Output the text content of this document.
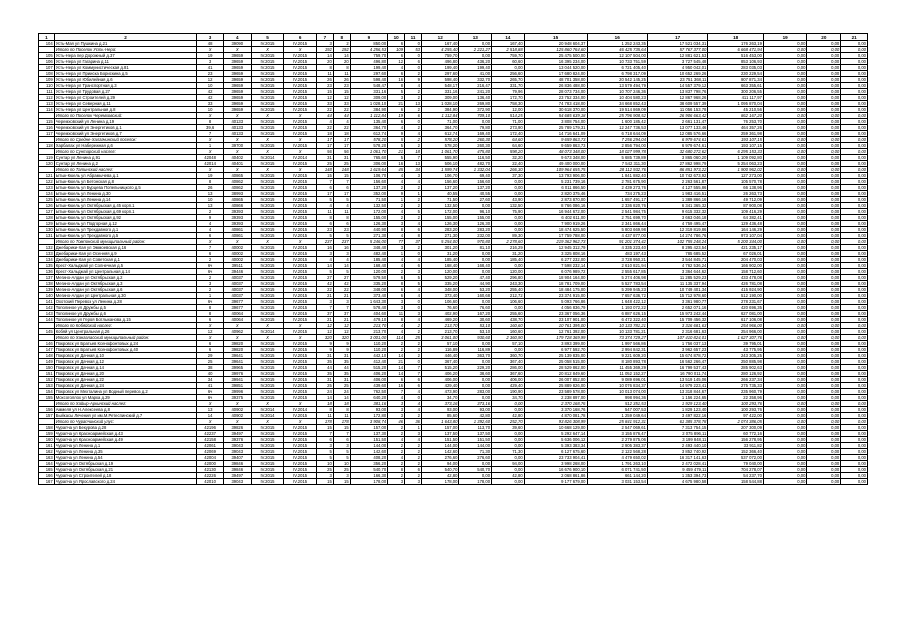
1	2	3	4	5	6	7	8	9	10	11	12	13	14	15	16	17	18	19	20	21
104	Усть-Мая ул Пушкина д.21	48	39090	IV.2015	IV.2015	3	2	850,00	6	0	167,40	0,00	167,40	20 948 604,37	1 252 243,35	17 521 034,31	176 263,19	0,00	0,00	0,00
	Итого по Поселок Усть-Нера:	X	X	X	X	192	192	4 256,53	109	53	4 255,40	2 221,27	2 518,88	125 860 764,60	46 425 735,64	57 767 377,00	6 668 471,94	0,00	0,00	0,00
105	Усть-Нера пер Дорожный д.37	19	39659	IV.2015	IV.2015	14	14	759,70	6	0	759,70	0,00	759,70	25 475 500,00	12 107 504,00	12 881 621,53	516 453,00	0,00	0,00	0,00
106	Усть-Нера ул Гагарина д.11	3	39659	IV.2015	IV.2015	20	20	496,80	12	6	496,80	436,20	60,60	16 395 234,00	10 733 751,59	3 727 545,48	853 106,93	0,00	0,00	0,00
107	Усть-Нера ул Коммунистическая д.81	41	39659	IV.2015	IV.2015	8	8	199,40	4	0	199,40	199,40	0,00	13 044 520,00	6 721 405,40	4 950 042,01	283 035,03	0,00	0,00	0,00
108	Усть-Нера ул Прииска Борискина д.5	23	39659	IV.2015	IV.2015	11	11	297,60	6	2	297,60	41,00	256,60	17 680 824,00	6 798 317,09	10 652 269,26	230 229,54	0,00	0,00	0,00
109	Усть-Нера ул Юбилейная д.6	12	39659	IV.2015	IV.2015	26	26	598,40	16	9	598,40	332,70	265,70	48 701 358,00	20 542 145,25	23 751 368,11	907 871,34	0,00	0,00	0,00
110	Усть-Нера ул Транспортная д.3	10	39659	IV.2015	IV.2015	23	23	548,47	8	4	548,17	216,47	331,70	26 836 488,00	13 579 494,79	14 557 379,12	663 355,61	0,00	0,00	0,00
111	Усть-Нера ул Трудовая д.27	42	39659	IV.2015	IV.2015	15	15	331,16	5	2	331,16	241,20	79,96	28 073 734,00	10 707 246,36	13 837 798,76	300 206,55	0,00	0,00	0,00
112	Усть-Нера ул Строителей д.29	42	39659	IV.2015	IV.2015	12	12	309,00	3	2	309,00	136,40	172,70	23 752 334,00	10 404 580,23	12 867 968,26	411 117,97	0,00	0,00	0,00
113	Усть-Нера ул Северная д.11	33	39659	IV.2015	IV.2015	33	33	1 028,10	21	13	1 028,10	269,80	758,30	74 783 418,00	34 668 852,43	38 609 557,39	1 095 870,04	0,00	0,00	0,00
114	Усть-Нера ул Центральная д.8	10	39659	IV.2015	IV.2015	22	22	384,90	6	2	384,90	372,90	12,00	30 618 370,00	19 514 869,09	11 056 153,78	45 210,56	0,00	0,00	0,00
	Итого по Поселок Черемховский:	X	X	X	X	44	44	1 112,84	19	6	1 112,84	709,10	514,25	54 685 639,18	25 796 908,52	26 906 663,42	862 167,20	0,00	0,00	0,00
115	Черемховский ул Ленина д.19	8	40133	IV.2015	IV.2015	4	4	135,40	6	0	71,00	0,00	71,00	3 808 754,00	1 600 185,42	2 661 131,47	76 253,70	0,00	0,00	0,00
116	Черемховский ул Энергетиков д.1	39,6	40133	IV.2015	IV.2015	22	22	364,70	4	2	364,70	79,80	273,90	25 789 179,31	12 247 736,53	13 077 133,46	464 357,26	0,00	0,00	0,00
117	Черемховский ул Энергетиков д.7	7	40133	IV.2015	IV.2015	18	18	612,74	9	4	612,74	169,40	172,40	14 716 641,09	6 718 644,09	12 085 576,66	259 361,98	0,00	0,00	0,00
	Итого по Средне-Халгачинский поселок:	X	X	X	X	17	17	578,20	5	2	578,20	260,30	64,60	9 659 863,73	7 256 294,04	6 979 674,61	193 107,15	0,00	0,00	0,00
118	Харбалах ул Набережная д.6	1	39700	IV.2015	IV.2015	17	17	578,20	5	2	578,20	260,30	64,60	9 659 863,73	2 856 794,00	6 979 674,61	193 107,15	0,00	0,00	0,00
	Итого по Сунтарский наслег:	X	X	X	X	56	56	1 061,70	21	18	1 061,70	475,80	598,20	48 073 348,00	18 027 999,78	32 680 272,62	6 295 153,33	0,00	0,00	0,00
119	Сунтар ул Ленина д.91	42048	40402	IV.2014	IV.2014	31	31	765,60	5	7	555,90	116,50	32,20	9 673 348,00	5 685 739,89	3 865 060,20	1 109 092,80	0,00	0,00	0,00
120	Сунтар ул Ленина д.2	42014	40401	IV.2015	IV.2015	25	25	306,00	16	13	506,10	482,70	22,40	49 400 000,00	7 542 311,30	27 862 998,79	5 254 063,23	0,00	0,00	0,00
	Итого по Татинский наслег:	X	X	X	X	148	148	1 619,64	45	34	1 599,74	1 332,04	266,30	109 964 655,75	28 112 932,76	86 851 973,22	1 900 962,02	0,00	0,00	0,00
121	Ытык-Кюель ул Абрамычева д.1	19	40865	IV.2015	IV.2015	15	15	106,70	4	3	106,70	69,40	37,30	13 793 906,00	1 841 882,40	10 742 673,92	127 273,00	0,00	0,00	0,00
122	Ытык-Кюель ул Бетонская д.8	8	40862	IV.2015	IV.2015	7	7	156,60	4	4	156,60	156,60	0,00	5 231 739,16	2 781 675,90	2 263 561,87	105 570,78	0,00	0,00	0,00
123	Ытык-Кюель ул Бурцева Попельницкого д.5	26	40862	IV.2015	IV.2015	6	6	137,20	2	2	137,20	137,20	0,00	6 011 866,50	2 439 273,76	4 127 555,86	66 138,96	0,00	0,00	0,00
124	Ытык-Кюель ул Ленина д.30	13	38993	IV.2015	IV.2015	17	17	352,00	9	1	40,55	40,55	0,00	2 820 375,46	734 275,23	1 983 416,51	26 263,73	0,00	0,00	0,00
125	Ытык-Кюель ул Ленина д.14	10	40865	IV.2015	IV.2015	5	5	71,50	1	2	71,50	27,60	43,90	2 873 870,00	1 657 491,17	1 389 866,16	49 712,09	0,00	0,00	0,00
126	Ытык-Кюель ул Октябрьская д.45 корп.1	13	40866	IV.2015	IV.2015	4	4	132,50	2	2	132,50	0,00	132,50	8 766 086,16	2 336 820,76	6 341 365,32	87 900,08	0,00	0,00	0,00
127	Ытык-Кюель ул Октябрьская д.69 корп.1	2	39393	IV.2015	IV.2015	11	11	172,00	4	5	172,00	96,10	75,90	16 944 672,00	2 541 984,75	9 615 332,32	109 416,29	0,00	0,00	0,00
128	Ытык-Кюель ул Октябрьская д.92	9	39393	IV.2015	IV.2015	8	8	155,00	2	2	155,00	155,00	0,00	6 402 611,00	2 751 699,70	3 663 046,18	64 382,41	0,00	0,00	0,00
129	Ытык-Кюель ул Подгорная д.12	4	39393	IV.2015	IV.2015	6	6	126,30	3	4	126,30	126,30	0,00	7 900 919,26	2 341 866,44	4 759 495,47	129 436,48	0,00	0,00	0,00
130	Ытык-Кюель ул Трехдавного д.1	4	40861	IV.2015	IV.2015	23	23	440,90	8	6	283,20	283,20	0,00	18 474 625,50	5 803 669,98	12 319 819,86	164 146,29	0,00	0,00	0,00
131	Ытык-Кюель ул Трехдавного д.5	6	40861	IV.2015	IV.2015	5	5	271,30	4	8	271,30	232,00	89,30	17 759 788,00	4 437 877,00	14 274 786,76	973 107,04	0,00	0,00	0,00
	Итого по Томпонский муниципальный район:	X	X	X	X	237	237	5 246,00	77	37	5 254,00	970,80	2 278,60	219 362 962,73	91 201 374,42	102 755 248,24	5 200 344,00	0,00	0,00	0,00
132	Джебарики-Хая ул Эммоевская д.16	7	40002	IV.2015	IV.2015	16	16	348,40	3	2	301,20	81,10	216,29	12 945 312,79	4 335 223,40	8 295 423,54	421 235,17	0,00	0,00	0,00
133	Джебарики-Хая ул Осенняя д.9	6	40002	IV.2015	IV.2015	3	3	482,40	1	0	31,20	0,00	31,20	3 325 808,16	483 197,43	785 685,52	67 026,01	0,00	0,00	0,00
134	Джебарики-Хая ул Советская д.1	2	40002	IV.2015	IV.2015	4	4	185,40	4	4	185,40	0,00	185,40	6 277 232,00	3 728 950,21	3 544 845,71	204 470,03	0,00	0,00	0,00
135	Крест-Хальджай ул Солнечная д.5	6ч	39511	IV.2015	IV.2015	14	14	168,40	4	6	168,40	168,40	0,00	7 598 232,14	2 610 821,94	4 762 536,24	166 902,00	0,00	0,00	0,00
136	Крест-Хальджай ул Центральная д.14	6ч	39446	IV.2015	IV.2015	5	5	120,00	2	3	120,00	0,00	120,00	6 076 989,72	2 555 617,85	3 364 644,62	158 712,60	0,00	0,00	0,00
137	Мегино-Алдан ул Октябрьская д.2	2	40037	IV.2015	IV.2015	27	27	579,50	6	5	529,20	47,40	296,80	18 904 164,00	5 274 406,98	11 285 529,23	433 478,08	0,00	0,00	0,00
138	Мегино-Алдан ул Октябрьская д.3	3	40037	IV.2015	IV.2015	42	42	335,20	8	5	335,20	44,90	243,30	18 781 709,00	5 527 783,54	11 135 337,94	426 781,08	0,00	0,00	0,00
139	Мегино-Алдан ул Октябрьская д.6	2	40037	IV.2015	IV.2015	22	22	348,00	6	4	348,00	53,20	255,40	18 484 175,00	5 299 945,23	10 749 401,34	415 924,90	0,00	0,00	0,00
140	Мегино-Алдан ул Центральная д.30	1	40037	IV.2015	IV.2015	21	21	373,40	6	4	373,40	160,68	212,72	23 374 915,00	7 657 636,72	15 712 978,60	512 190,00	0,00	0,00	0,00
141	Охотский Перевоз ул Ленина д.28	6ч	39677	IV.2015	IV.2015	3	3	1 643,30	3	0	106,60	0,00	106,60	5 093 766,86	1 648 422,12	3 361 980,77	278 231,67	0,00	0,00	0,00
142	Тополиное ул Дружбы д.5	8	39677	IV.2015	IV.2015	7	7	578,40	3	0	76,60	76,60	0,00	4 056 836,79	1 193 072,22	2 652 071,16	420 696,35	0,00	0,00	0,00
143	Тополиное ул Дружбы д.6	8	40064	IV.2015	IV.2015	37	37	404,60	11	3	402,90	167,20	255,60	23 367 056,36	6 887 626,15	15 973 242,44	627 081,00	0,00	0,00	0,00
144	Тополиное ул Героя Ботлыканова д.15	6	40064	IV.2015	IV.2015	21	21	479,10	8	4	469,20	30,60	438,70	23 107 901,00	6 472 322,40	15 709 456,32	617 106,08	0,00	0,00	0,00
	Итого по Кобяйский наслег:	X	X	X	X	12	12	213,70	4	2	213,70	53,10	160,60	10 761 395,00	10 133 781,21	3 316 681,63	254 966,00	0,00	0,00	0,00
145	Кобяй ул Центральная д.26	12	40962	IV.2014	IV.2015	12	12	213,70	4	2	213,70	53,10	160,60	12 761 392,00	10 133 781,21	2 316 681,63	254 966,00	0,00	0,00	0,00
	Итого по Хангаласский муниципальный район:	X	X	X	X	320	320	3 001,00	114	25	3 061,00	930,60	2 360,90	179 728 369,99	73 374 729,27	107 410 824,01	1 627 307,76	0,00	0,00	0,00
146	Покровск ул Братьев Ксенофонтовых д.24	6	39820	IV.2015	IV.2015	9	9	110,20	2	2	57,10	0,00	57,10	3 893 399,00	1 997 566,86	1 756 037,13	39 795,01	0,00	0,00	0,00
147	Покровск ул Братьев Ксенофонтовых д.40	6	39820	IV.2015	IV.2015	9	9	110,20	2	2	116,89	116,89	0,00	6 977 592,70	2 994 842,31	3 962 657,23	43 775,95	0,00	0,00	0,00
148	Покровск ул Дачная д.10	29	39641	IV.2015	IV.2015	31	31	442,10	14	2	446,40	363,70	360,70	25 139 835,00	9 221 609,20	15 674 878,72	243 305,25	0,00	0,00	0,00
149	Покровск ул Дачная д.12	25	39641	IV.2015	IV.2015	35	35	412,40	21	0	367,40	0,00	367,40	25 058 515,00	8 180 893,78	16 562 266,47	250 885,98	0,00	0,00	0,00
150	Покровск ул Дачная д.14	38	39965	IV.2015	IV.2015	44	44	515,20	14	7	515,20	229,20	286,00	28 529 862,00	11 455 369,29	16 799 537,43	285 902,63	0,00	0,00	0,00
151	Покровск ул Дачная д.20	40	39976	IV.2015	IV.2015	35	35	406,20	14	7	406,20	38,60	367,60	20 812 849,60	11 052 152,27	16 790 011,74	280 126,92	0,00	0,00	0,00
152	Покровск ул Дачная д.22	34	39941	IV.2015	IV.2015	31	31	406,00	6	6	406,00	0,00	406,00	26 007 852,00	9 089 696,01	13 519 145,06	266 237,34	0,00	0,00	0,00
153	Покровск ул Дачная д.24	41	39851	IV.2015	IV.2015	25	25	439,60	16	6	429,40	0,00	429,40	25 889 826,00	10 076 834,37	14 979 223,41	275 735,33	0,00	0,00	0,00
154	Покровск ул Мехталина ул Водный перевоз д.2	6ч	39996	IV.2015	IV.2015	24	24	762,50	7	4	473,90	283,00	190,90	23 589 578,00	10 013 074,00	13 318 844,67	235 960,79	0,00	0,00	0,00
155	Мохсоголлох ул Марха д.29	6ч	39375	IV.2015	IV.2015	14	14	640,20	4	0	34,70	0,00	34,70	2 238 897,00	998 994,36	1 156 224,65	22 358,96	0,00	0,00	0,00
	Итого по Хайыр-Аркинский наслег:	X	X	X	X	18	18	381,16	3	4	373,16	373,16	0,00	2 370 168,76	512 351,53	1 929 123,40	100 293,76	0,00	0,00	0,00
156	Аммеля ул Н.Алексеева д.8	13	40902	IV.2014	IV.2014	8	8	93,00	3	4	93,00	93,00	0,00	3 370 168,76	547 007,53	1 829 123,40	100 293,76	0,00	0,00	0,00
157	Быйкасы Лечения ул им.М.Ретеспинский д.7	14	40902	IV.2014	IV.2015	11	11	172,80	3	2	85,60	42,80	42,80	4 870 081,78	1 259 049,64	3 497 822,16	97 422,00	0,00	0,00	0,00
	Итого по Чурапчинский улус:	X	X	X	X	178	178	3 908,74	46	36	1 643,80	1 392,60	252,70	93 826 308,99	25 841 912,31	61 385 378,78	2 074 386,05	0,00	0,00	0,00
158	Чурапча ул Бекурова д.28	42196	39826	IV.2015	IV.2015	15	15	157,00	2	1	157,00	113,70	39,60	10 668 129,00	2 547 069,61	7 313 754,15	207 300,09	0,00	0,00	0,00
159	Чурапча ул Красноармейская д.43	42237	39497	IV.2015	IV.2015	7	7	137,30	2	3	137,50	137,50	0,00	5 292 647,14	3 155 876,47	2 075 896,11	60 772,16	0,00	0,00	0,00
160	Чурапча ул Красноармейская д.49	42158	39376	IV.2015	IV.2015	6	6	151,50	4	4	151,50	151,50	0,00	5 636 006,12	2 279 875,06	3 199 848,11	156 278,95	0,00	0,00	0,00
161	Чурапча ул Ленина д.1	42061	39043	IV.2015	IV.2015	3	3	144,00	2	2	144,00	144,00	0,00	5 393 383,34	2 905 383,37	2 493 440,10	33 911,82	0,00	0,00	0,00
162	Чурапча ул Ленина д.35	42069	39043	IV.2015	IV.2015	5	5	142,60	2	2	142,60	71,30	71,30	6 127 675,60	2 122 568,28	3 852 740,92	152 366,40	0,00	0,00	0,00
163	Чурапча ул Ленина д.54	42004	39407	IV.2015	IV.2015	5	5	408,20	4	2	276,60	276,60	0,00	23 733 904,41	4 479 650,02	16 317 141,63	537 072,00	0,00	0,00	0,00
164	Чурапча ул Октябрьская д.19	42000	39846	IV.2015	IV.2015	10	10	356,20	2	2	94,00	0,00	94,00	3 998 268,00	1 791 263,10	2 472 028,41	79 040,00	0,00	0,00	0,00
165	Чурапча ул Октябрьская д.21	42130	39846	IV.2015	IV.2015	25	25	540,70	8	6	540,70	540,70	0,00	16 676 900,10	6 071 741,50	9 459 479,11	704 278,07	0,00	0,00	0,00
166	Чурапча ул Строителей д.18	42226	39497	IV.2015	IV.2015	3	3	166,30	2	2	42,80	0,00	42,80	2 068 861,86	661 144,20	1 353 394,73	54 237,70	0,00	0,00	0,00
167	Чурапча ул Ярославского д.24	42010	39043	IV.2015	IV.2015	15	15	178,00	3	3	178,00	178,00	0,00	9 177 679,00	3 031 153,54	4 675 980,58	158 544,88	0,00	0,00	0,00
